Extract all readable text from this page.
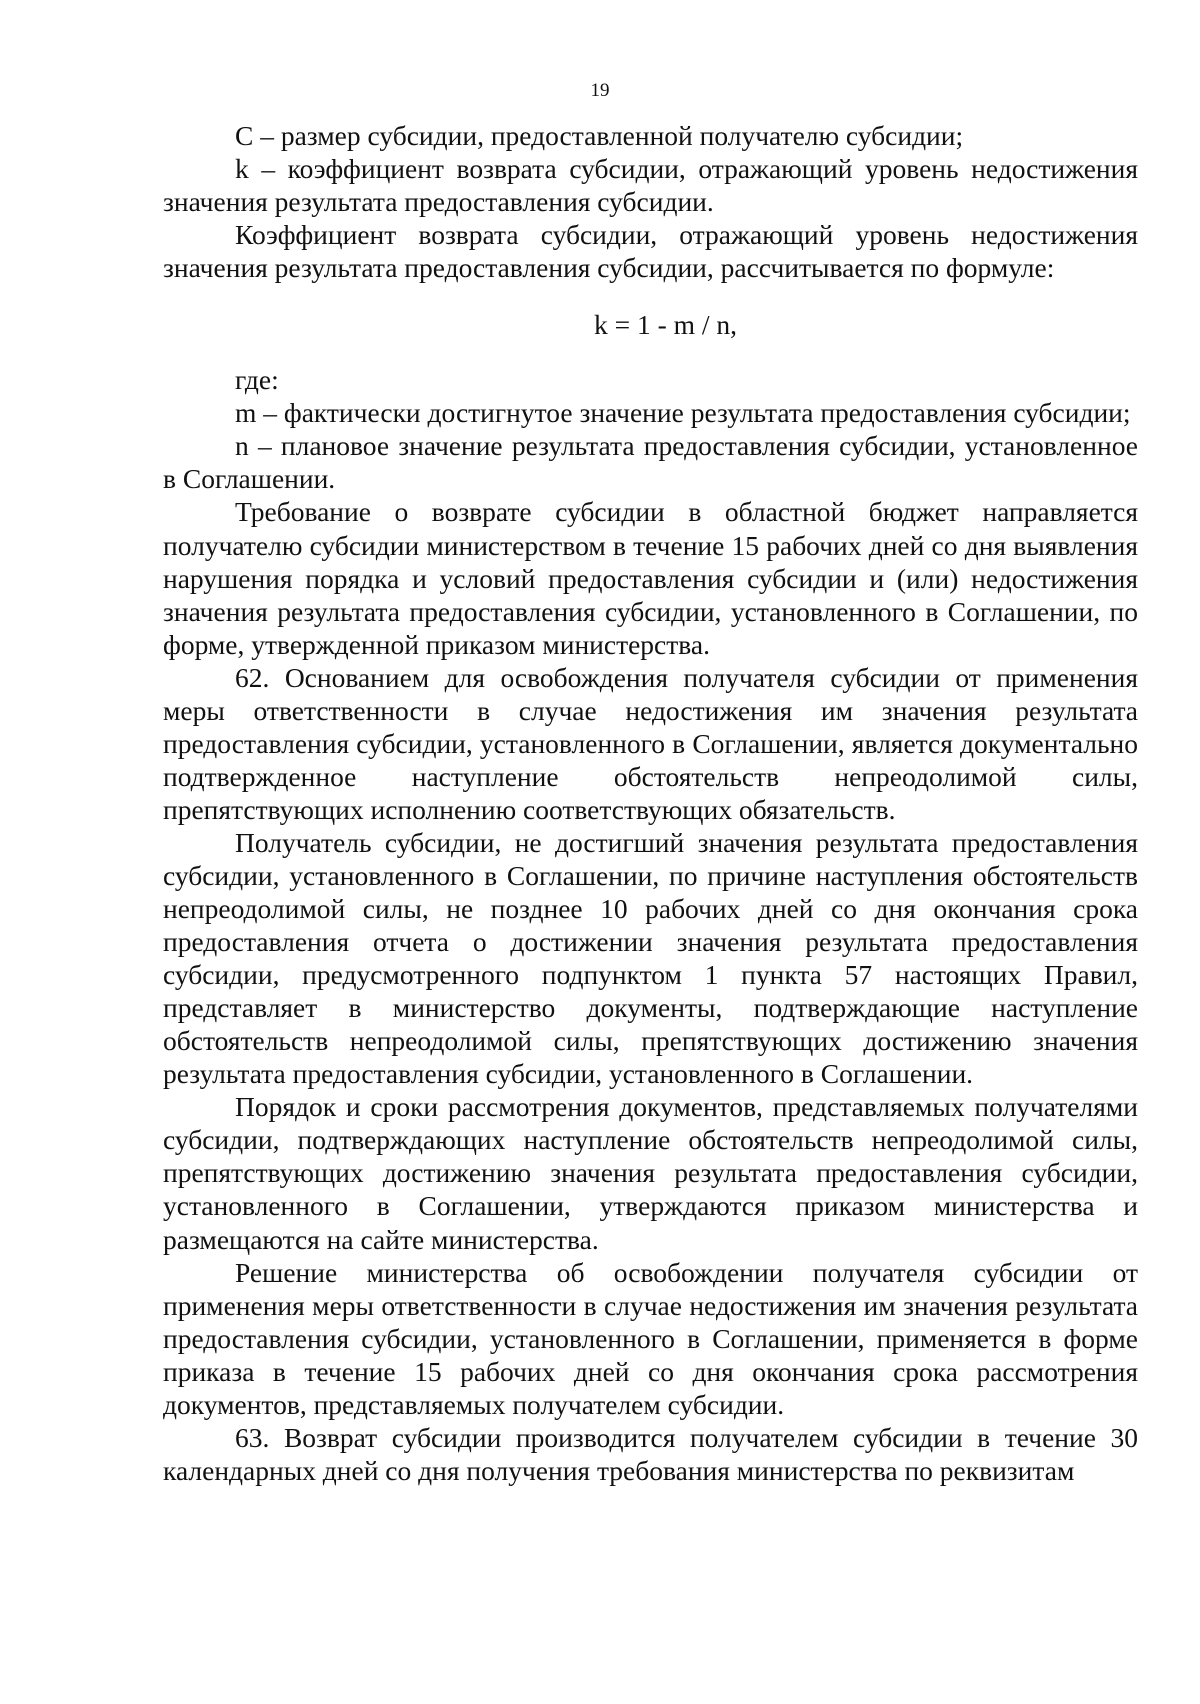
19

С – размер субсидии, предоставленной получателю субсидии;

k – коэффициент возврата субсидии, отражающий уровень недостижения значения результата предоставления субсидии.

Коэффициент возврата субсидии, отражающий уровень недостижения значения результата предоставления субсидии, рассчитывается по формуле:

k = 1 - m / n,

где:

m – фактически достигнутое значение результата предоставления субсидии;

n – плановое значение результата предоставления субсидии, установленное в Соглашении.

Требование о возврате субсидии в областной бюджет направляется получателю субсидии министерством в течение 15 рабочих дней со дня выявления нарушения порядка и условий предоставления субсидии и (или) недостижения значения результата предоставления субсидии, установленного в Соглашении, по форме, утвержденной приказом министерства.

62. Основанием для освобождения получателя субсидии от применения меры ответственности в случае недостижения им значения результата предоставления субсидии, установленного в Соглашении, является документально подтвержденное наступление обстоятельств непреодолимой силы, препятствующих исполнению соответствующих обязательств.

Получатель субсидии, не достигший значения результата предоставления субсидии, установленного в Соглашении, по причине наступления обстоятельств непреодолимой силы, не позднее 10 рабочих дней со дня окончания срока предоставления отчета о достижении значения результата предоставления субсидии, предусмотренного подпунктом 1 пункта 57 настоящих Правил, представляет в министерство документы, подтверждающие наступление обстоятельств непреодолимой силы, препятствующих достижению значения результата предоставления субсидии, установленного в Соглашении.

Порядок и сроки рассмотрения документов, представляемых получателями субсидии, подтверждающих наступление обстоятельств непреодолимой силы, препятствующих достижению значения результата предоставления субсидии, установленного в Соглашении, утверждаются приказом министерства и размещаются на сайте министерства.

Решение министерства об освобождении получателя субсидии от применения меры ответственности в случае недостижения им значения результата предоставления субсидии, установленного в Соглашении, применяется в форме приказа в течение 15 рабочих дней со дня окончания срока рассмотрения документов, представляемых получателем субсидии.

63. Возврат субсидии производится получателем субсидии в течение 30 календарных дней со дня получения требования министерства по реквизитам
